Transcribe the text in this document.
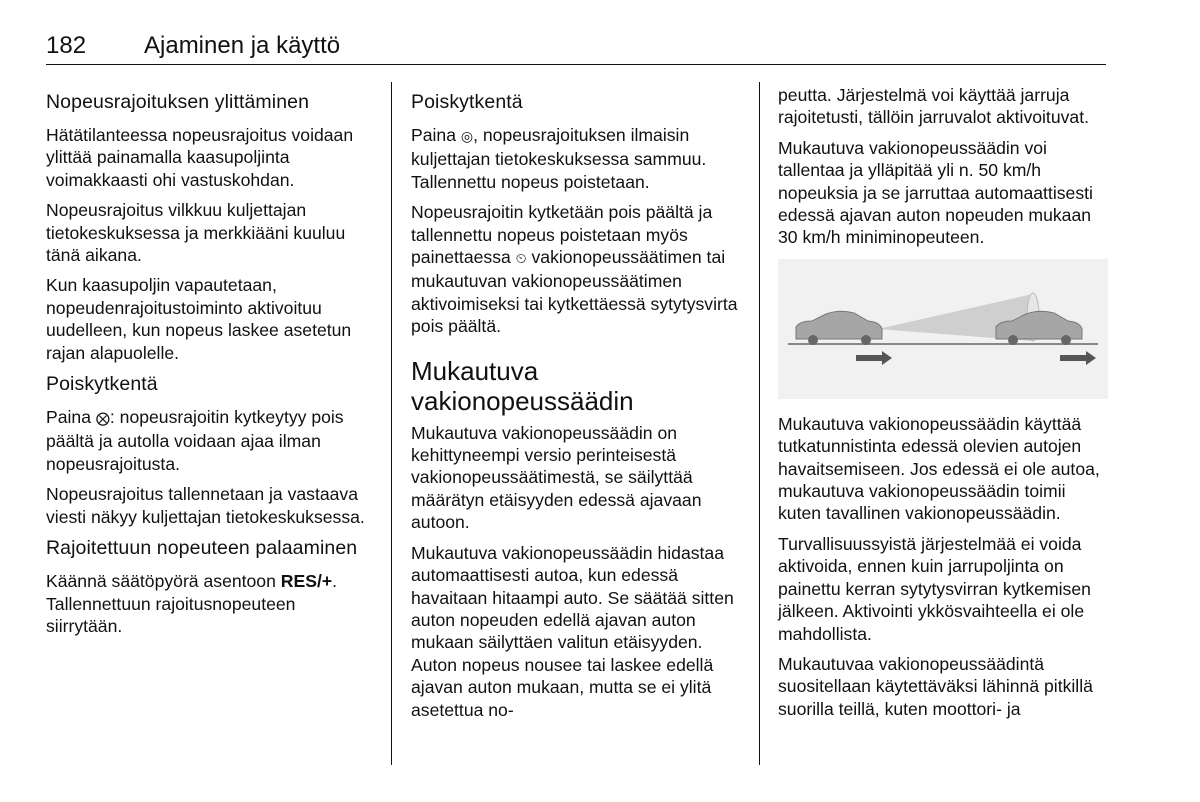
182 Ajaminen ja käyttö
Nopeusrajoituksen ylittäminen

Hätätilanteessa nopeusrajoitus voidaan ylittää painamalla kaasupoljinta voimakkaasti ohi vastuskohdan.

Nopeusrajoitus vilkkuu kuljettajan tietokeskuksessa ja merkkiääni kuuluu tänä aikana.

Kun kaasupoljin vapautetaan, nopeudenrajoitustoiminto aktivoituu uudelleen, kun nopeus laskee asetetun rajan alapuolelle.

Poiskytkentä

Paina ⨂: nopeusrajoitin kytkeytyy pois päältä ja autolla voidaan ajaa ilman nopeusrajoitusta.

Nopeusrajoitus tallennetaan ja vastaava viesti näkyy kuljettajan tietokeskuksessa.

Rajoitettuun nopeuteen palaaminen

Käännä säätöpyörä asentoon RES/+. Tallennettuun rajoitusnopeuteen siirrytään.

Poiskytkentä

Paina ◎, nopeusrajoituksen ilmaisin kuljettajan tietokeskuksessa sammuu. Tallennettu nopeus poistetaan.

Nopeusrajoitin kytketään pois päältä ja tallennettu nopeus poistetaan myös painettaessa ⏲ vakionopeussäätimen tai mukautuvan vakionopeussäätimen aktivoimiseksi tai kytkettäessä sytytysvirta pois päältä.

Mukautuva vakionopeussäädin

Mukautuva vakionopeussäädin on kehittyneempi versio perinteisestä vakionopeussäätimestä, se säilyttää määrätyn etäisyyden edessä ajavaan autoon.

Mukautuva vakionopeussäädin hidastaa automaattisesti autoa, kun edessä havaitaan hitaampi auto. Se säätää sitten auton nopeuden edellä ajavan auton mukaan säilyttäen valitun etäisyyden. Auton nopeus nousee tai laskee edellä ajavan auton mukaan, mutta se ei ylitä asetettua no-

peutta. Järjestelmä voi käyttää jarruja rajoitetusti, tällöin jarruvalot aktivoituvat.

Mukautuva vakionopeussäädin voi tallentaa ja ylläpitää yli n. 50 km/h nopeuksia ja se jarruttaa automaattisesti edessä ajavan auton nopeuden mukaan 30 km/h miniminopeuteen.

Mukautuva vakionopeussäädin käyttää tutkatunnistinta edessä olevien autojen havaitsemiseen. Jos edessä ei ole autoa, mukautuva vakionopeussäädin toimii kuten tavallinen vakionopeussäädin.

Turvallisuussyistä järjestelmää ei voida aktivoida, ennen kuin jarrupoljinta on painettu kerran sytytysvirran kytkemisen jälkeen. Aktivointi ykkösvaihteella ei ole mahdollista.

Mukautuvaa vakionopeussäädintä suositellaan käytettäväksi lähinnä pitkillä suorilla teillä, kuten moottori- ja
